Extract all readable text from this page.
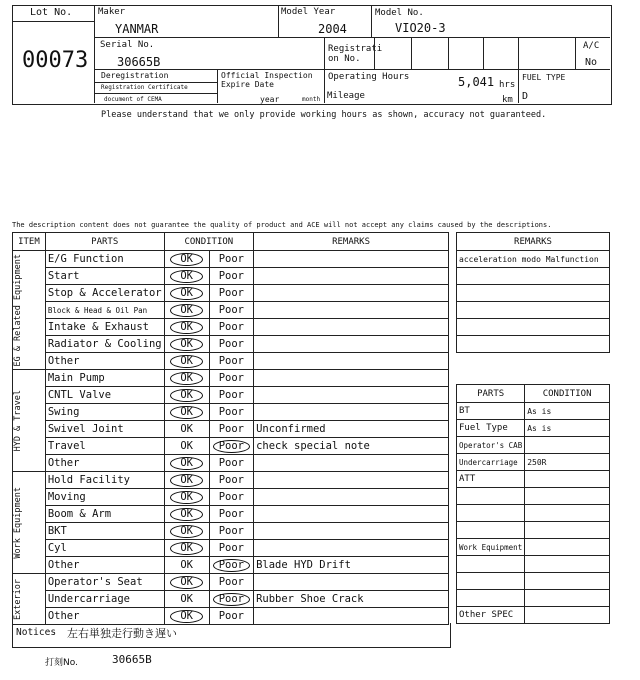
Lot No.
00073
Maker
YANMAR
Model Year
2004
Model No.
VIO20-3
Serial No.
30665B
Registrati
on No.
A/C
No
Deregistration
Registration Certificate
document of CEMA
Official Inspection
Expire Date
year	month
Operating Hours	5,041 hrs
Mileage	km
FUEL TYPE
D
Please understand that we only provide working hours as shown, accuracy not guaranteed.
The description content does not guarantee the quality of product and ACE will not accept any claims caused by the descriptions.
ITEM	PARTS	CONDITION		REMARKS

EG & Related Equipment	E/G Function	OK	Poor	
	Start	OK	Poor	
	Stop & Accelerator	OK	Poor	
	Block & Head & Oil Pan	OK	Poor	
	Intake & Exhaust	OK	Poor	
	Radiator & Cooling	OK	Poor	
	Other	OK	Poor	

HYD & Travel	Main Pump	OK	Poor	
	CNTL Valve	OK	Poor	
	Swing	OK	Poor	
	Swivel Joint	OK	Poor	Unconfirmed
	Travel	OK	Poor	check special note
	Other	OK	Poor	

Work Equipment	Hold Facility	OK	Poor	
	Moving	OK	Poor	
	Boom & Arm	OK	Poor	
	BKT	OK	Poor	
	Cyl	OK	Poor	
	Other	OK	Poor	Blade HYD Drift

Exterior	Operator's Seat	OK	Poor	
	Undercarriage	OK	Poor	Rubber Shoe Crack
	Other	OK	Poor	
Notices 左右単独走行動き遅い
打刻No.	30665B
REMARKS
acceleration modo Malfunction

PARTS	CONDITION
BT	As is
Fuel Type	As is
Operator's CAB	
Undercarriage	250R
ATT	

Work Equipment	

Other SPEC	
